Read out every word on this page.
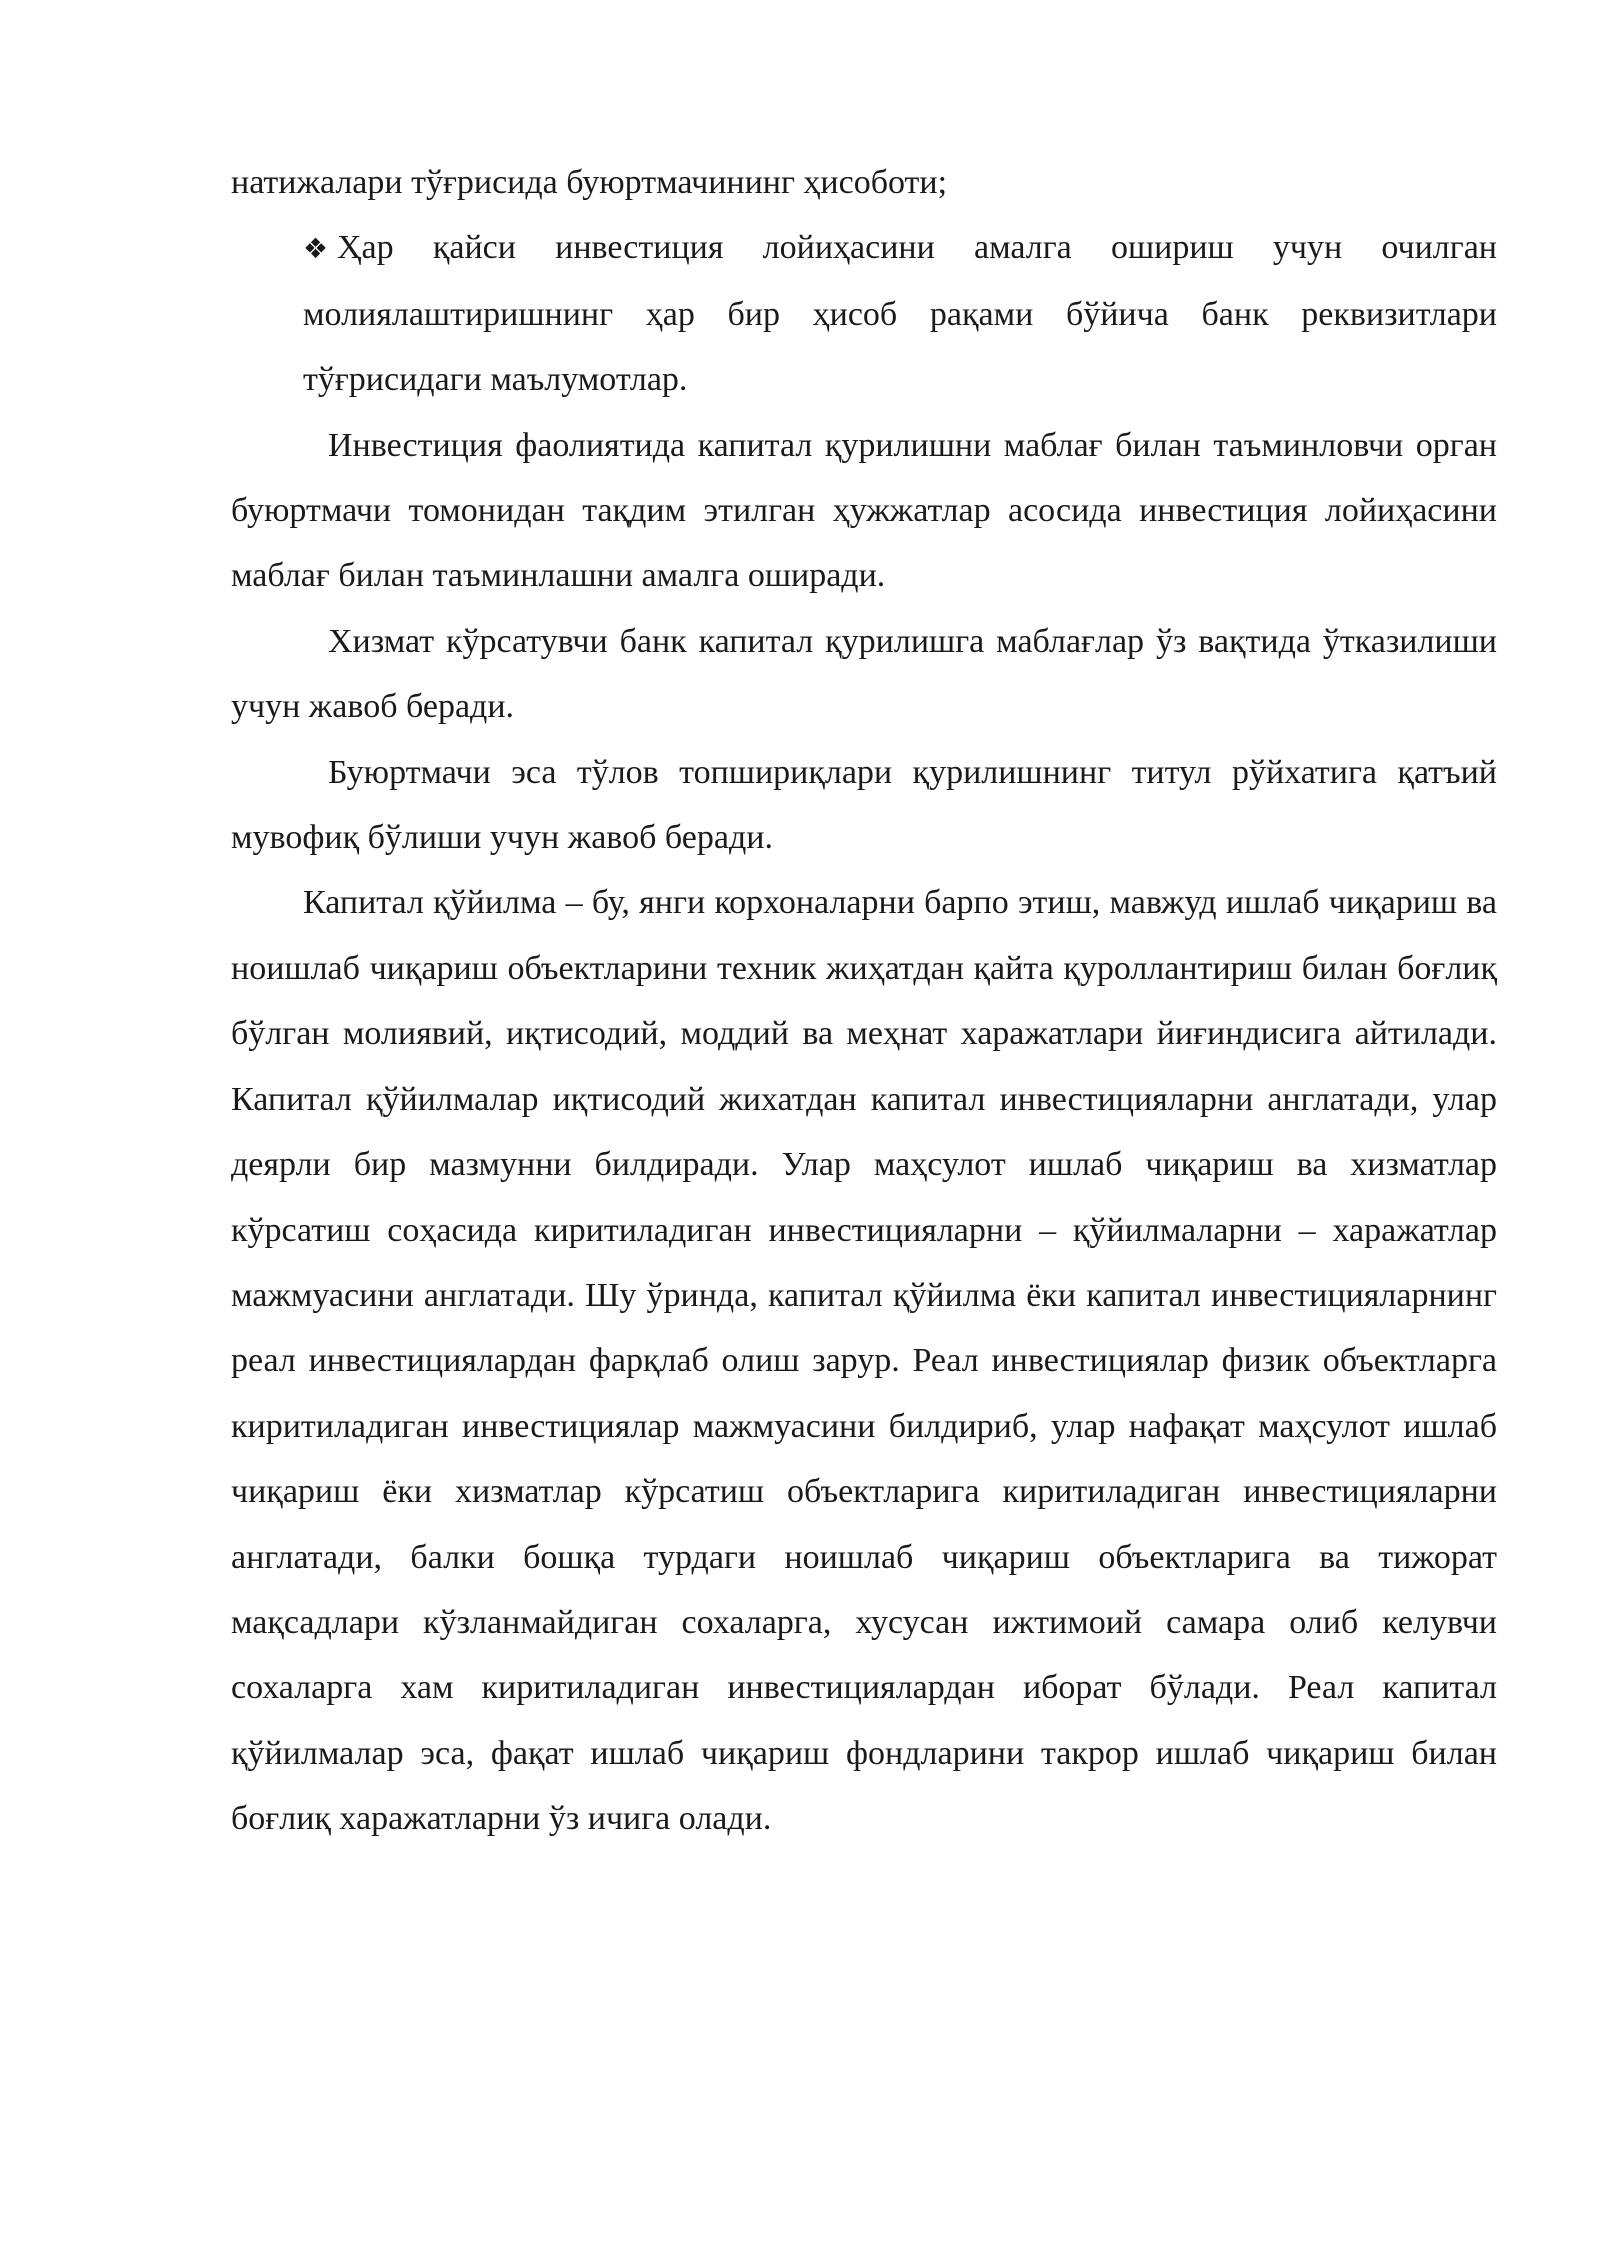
натижалари тўғрисида буюртмачининг ҳисоботи;

❖ Ҳар қайси инвестиция лойиҳасини амалга ошириш учун очилган молиялаштиришнинг ҳар бир ҳисоб рақами бўйича банк реквизитлари тўғрисидаги маълумотлар.

Инвестиция фаолиятида капитал қурилишни маблағ билан таъминловчи орган буюртмачи томонидан тақдим этилган ҳужжатлар асосида инвестиция лойиҳасини маблағ билан таъминлашни амалга оширади.

Хизмат кўрсатувчи банк капитал қурилишга маблағлар ўз вақтида ўтказилиши учун жавоб беради.

Буюртмачи эса тўлов топшириқлари қурилишнинг титул рўйхатига қатъий мувофиқ бўлиши учун жавоб беради.

Капитал қўйилма – бу, янги корхоналарни барпо этиш, мавжуд ишлаб чиқариш ва ноишлаб чиқариш объектларини техник жиҳатдан қайта қуроллантириш билан боғлиқ бўлган молиявий, иқтисодий, моддий ва меҳнат харажатлари йиғиндисига айтилади. Капитал қўйилмалар иқтисодий жихатдан капитал инвестицияларни англатади, улар деярли бир мазмунни билдиради. Улар маҳсулот ишлаб чиқариш ва хизматлар кўрсатиш соҳасида киритиладиган инвестицияларни – қўйилмаларни – харажатлар мажмуасини англатади. Шу ўринда, капитал қўйилма ёки капитал инвестицияларнинг реал инвестициялардан фарқлаб олиш зарур. Реал инвестициялар физик объектларга киритиладиган инвестициялар мажмуасини билдириб, улар нафақат маҳсулот ишлаб чиқариш ёки хизматлар кўрсатиш объектларига киритиладиган инвестицияларни англатади, балки бошқа турдаги ноишлаб чиқариш объектларига ва тижорат мақсадлари кўзланмайдиган сохаларга, хусусан ижтимоий самара олиб келувчи сохаларга хам киритиладиган инвестициялардан иборат бўлади. Реал капитал қўйилмалар эса, фақат ишлаб чиқариш фондларини такрор ишлаб чиқариш билан боғлиқ харажатларни ўз ичига олади.
